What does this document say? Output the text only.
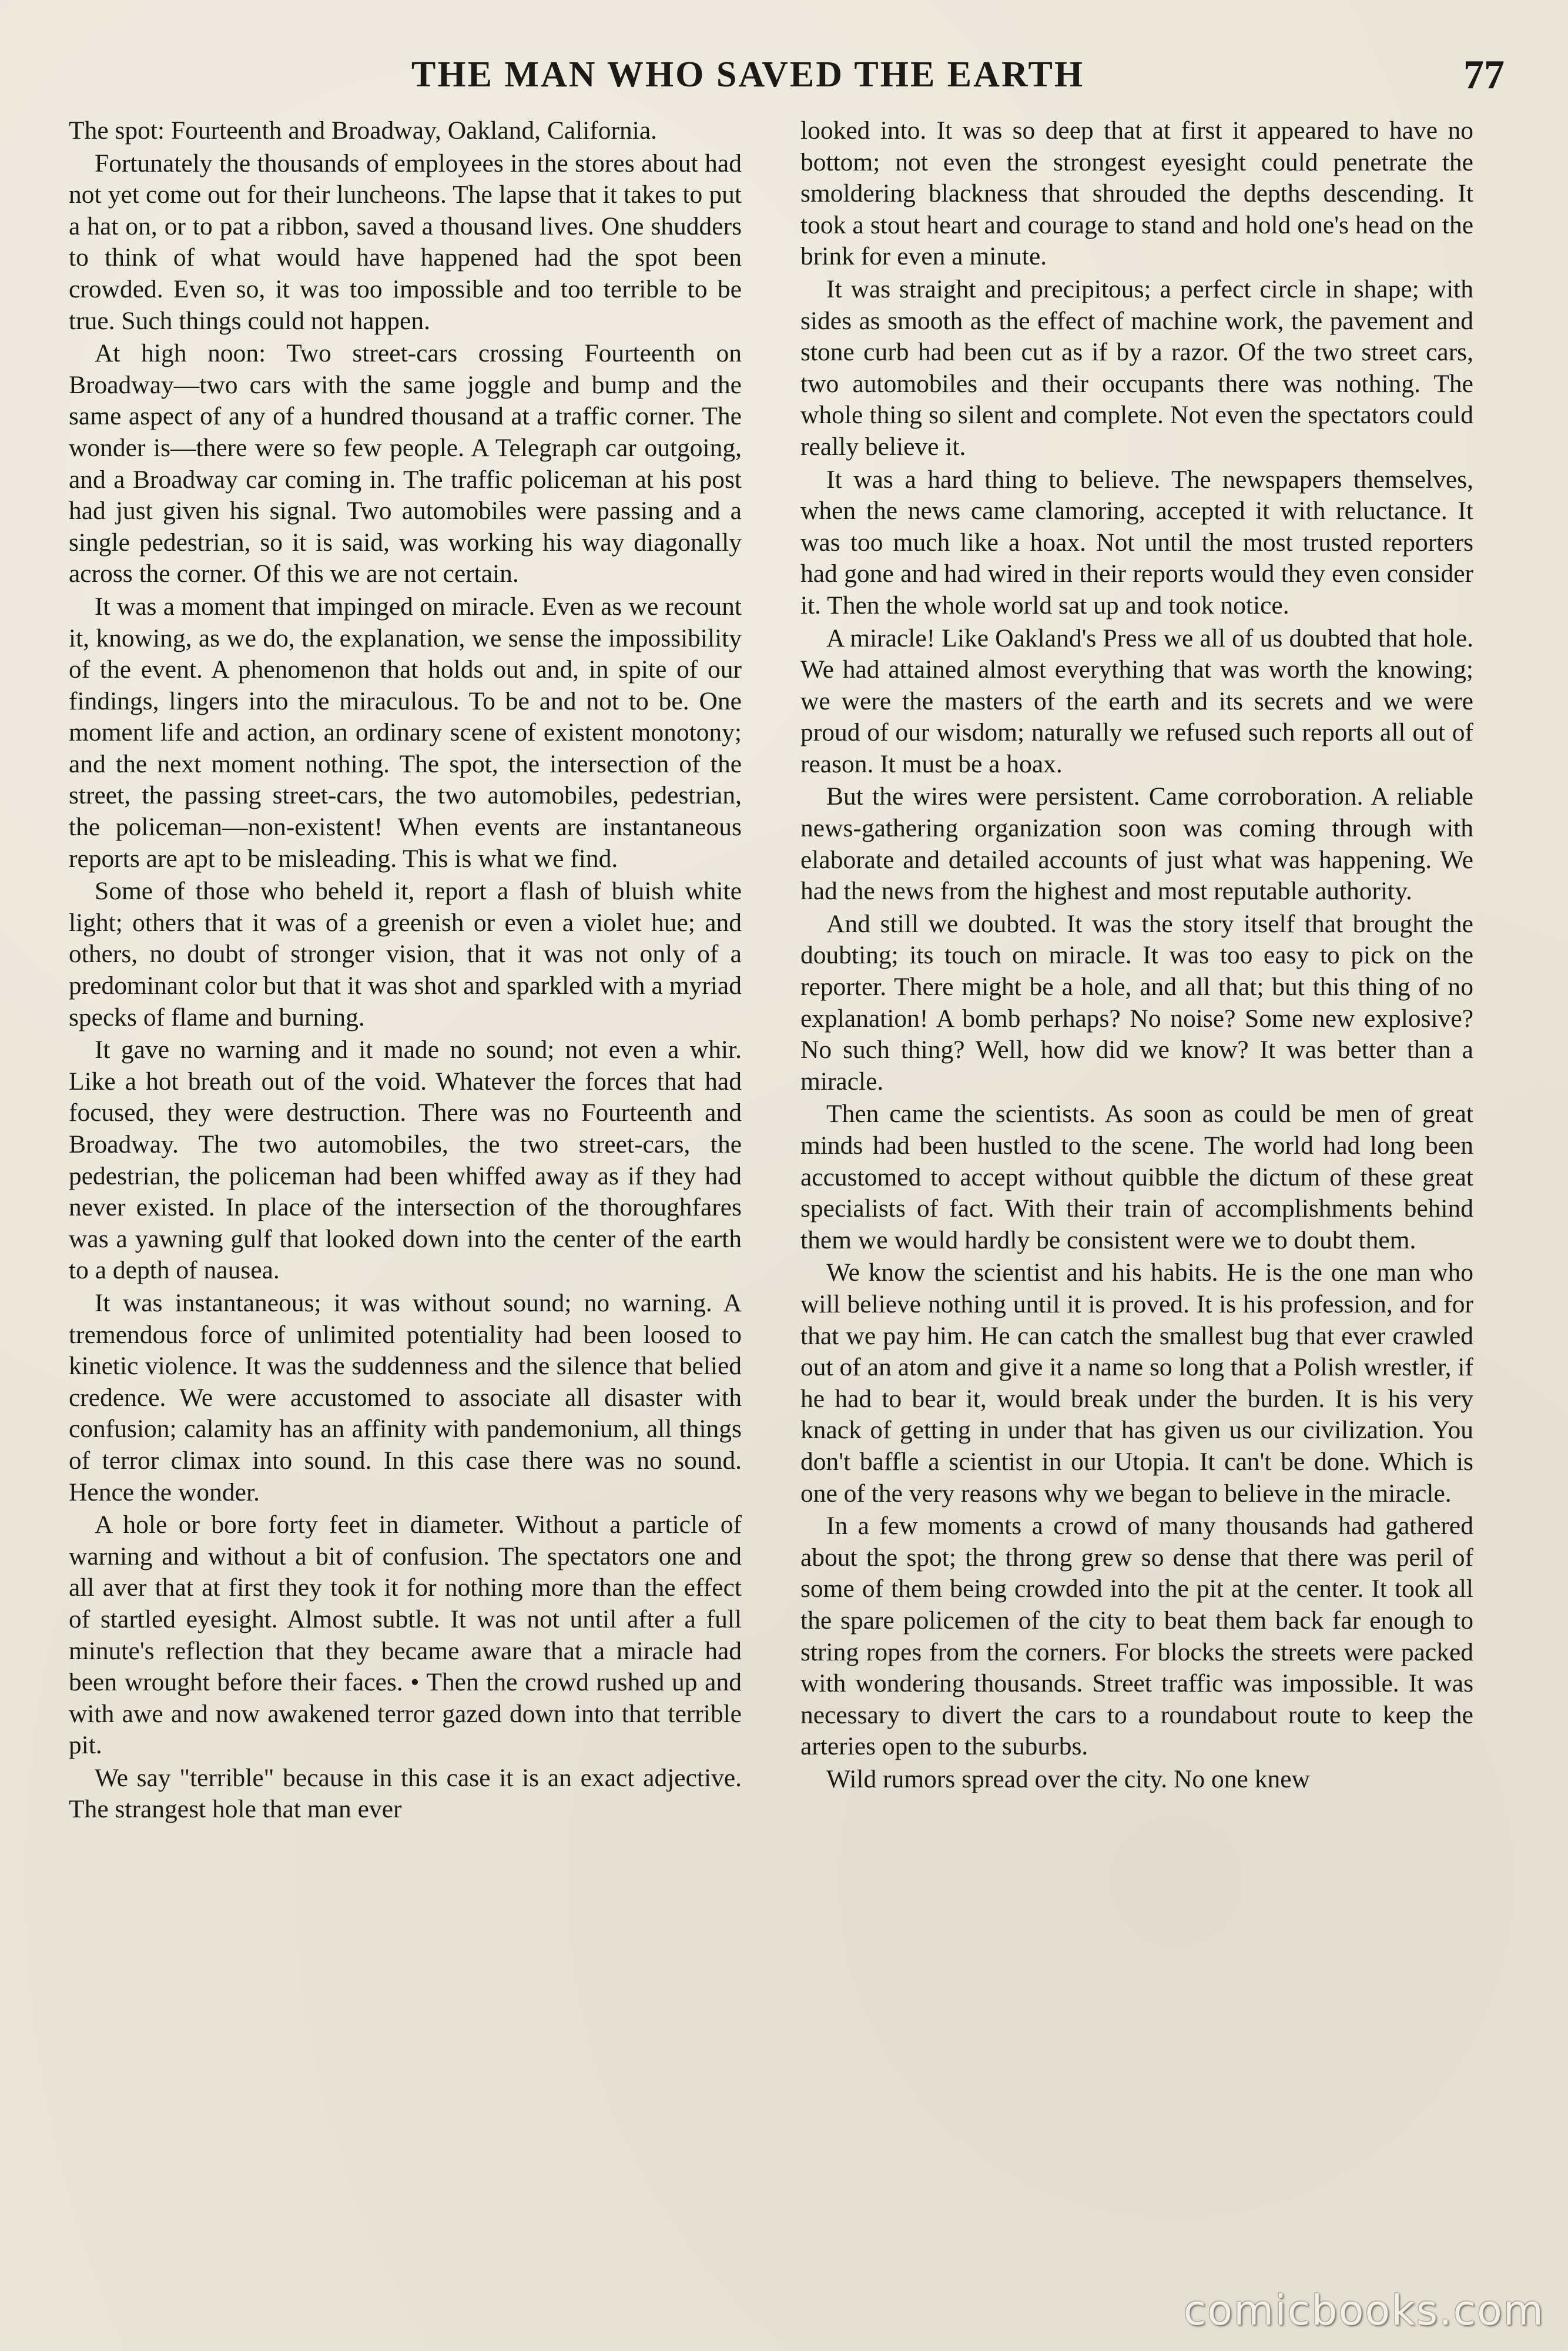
THE MAN WHO SAVED THE EARTH	77

The spot: Fourteenth and Broadway, Oakland, California.

Fortunately the thousands of employees in the stores about had not yet come out for their luncheons. The lapse that it takes to put a hat on, or to pat a ribbon, saved a thousand lives. One shudders to think of what would have happened had the spot been crowded. Even so, it was too impossible and too terrible to be true. Such things could not happen.

At high noon: Two street-cars crossing Fourteenth on Broadway—two cars with the same joggle and bump and the same aspect of any of a hundred thousand at a traffic corner. The wonder is—there were so few people. A Telegraph car outgoing, and a Broadway car coming in. The traffic policeman at his post had just given his signal. Two automobiles were passing and a single pedestrian, so it is said, was working his way diagonally across the corner. Of this we are not certain.

It was a moment that impinged on miracle. Even as we recount it, knowing, as we do, the explanation, we sense the impossibility of the event. A phenomenon that holds out and, in spite of our findings, lingers into the miraculous. To be and not to be. One moment life and action, an ordinary scene of existent monotony; and the next moment nothing. The spot, the intersection of the street, the passing street-cars, the two automobiles, pedestrian, the policeman—non-existent! When events are instantaneous reports are apt to be misleading. This is what we find.

Some of those who beheld it, report a flash of bluish white light; others that it was of a greenish or even a violet hue; and others, no doubt of stronger vision, that it was not only of a predominant color but that it was shot and sparkled with a myriad specks of flame and burning.

It gave no warning and it made no sound; not even a whir. Like a hot breath out of the void. Whatever the forces that had focused, they were destruction. There was no Fourteenth and Broadway. The two automobiles, the two street-cars, the pedestrian, the policeman had been whiffed away as if they had never existed. In place of the intersection of the thoroughfares was a yawning gulf that looked down into the center of the earth to a depth of nausea.

It was instantaneous; it was without sound; no warning. A tremendous force of unlimited potentiality had been loosed to kinetic violence. It was the suddenness and the silence that belied credence. We were accustomed to associate all disaster with confusion; calamity has an affinity with pandemonium, all things of terror climax into sound. In this case there was no sound. Hence the wonder.

A hole or bore forty feet in diameter. Without a particle of warning and without a bit of confusion. The spectators one and all aver that at first they took it for nothing more than the effect of startled eyesight. Almost subtle. It was not until after a full minute's reflection that they became aware that a miracle had been wrought before their faces. • Then the crowd rushed up and with awe and now awakened terror gazed down into that terrible pit.

We say "terrible" because in this case it is an exact adjective. The strangest hole that man ever

looked into. It was so deep that at first it appeared to have no bottom; not even the strongest eyesight could penetrate the smoldering blackness that shrouded the depths descending. It took a stout heart and courage to stand and hold one's head on the brink for even a minute.

It was straight and precipitous; a perfect circle in shape; with sides as smooth as the effect of machine work, the pavement and stone curb had been cut as if by a razor. Of the two street cars, two automobiles and their occupants there was nothing. The whole thing so silent and complete. Not even the spectators could really believe it.

It was a hard thing to believe. The newspapers themselves, when the news came clamoring, accepted it with reluctance. It was too much like a hoax. Not until the most trusted reporters had gone and had wired in their reports would they even consider it. Then the whole world sat up and took notice.

A miracle! Like Oakland's Press we all of us doubted that hole. We had attained almost everything that was worth the knowing; we were the masters of the earth and its secrets and we were proud of our wisdom; naturally we refused such reports all out of reason. It must be a hoax.

But the wires were persistent. Came corroboration. A reliable news-gathering organization soon was coming through with elaborate and detailed accounts of just what was happening. We had the news from the highest and most reputable authority.

And still we doubted. It was the story itself that brought the doubting; its touch on miracle. It was too easy to pick on the reporter. There might be a hole, and all that; but this thing of no explanation! A bomb perhaps? No noise? Some new explosive? No such thing? Well, how did we know? It was better than a miracle.

Then came the scientists. As soon as could be men of great minds had been hustled to the scene. The world had long been accustomed to accept without quibble the dictum of these great specialists of fact. With their train of accomplishments behind them we would hardly be consistent were we to doubt them.

We know the scientist and his habits. He is the one man who will believe nothing until it is proved. It is his profession, and for that we pay him. He can catch the smallest bug that ever crawled out of an atom and give it a name so long that a Polish wrestler, if he had to bear it, would break under the burden. It is his very knack of getting in under that has given us our civilization. You don't baffle a scientist in our Utopia. It can't be done. Which is one of the very reasons why we began to believe in the miracle.

In a few moments a crowd of many thousands had gathered about the spot; the throng grew so dense that there was peril of some of them being crowded into the pit at the center. It took all the spare policemen of the city to beat them back far enough to string ropes from the corners. For blocks the streets were packed with wondering thousands. Street traffic was impossible. It was necessary to divert the cars to a roundabout route to keep the arteries open to the suburbs.

Wild rumors spread over the city. No one knew

comicbooks.com
